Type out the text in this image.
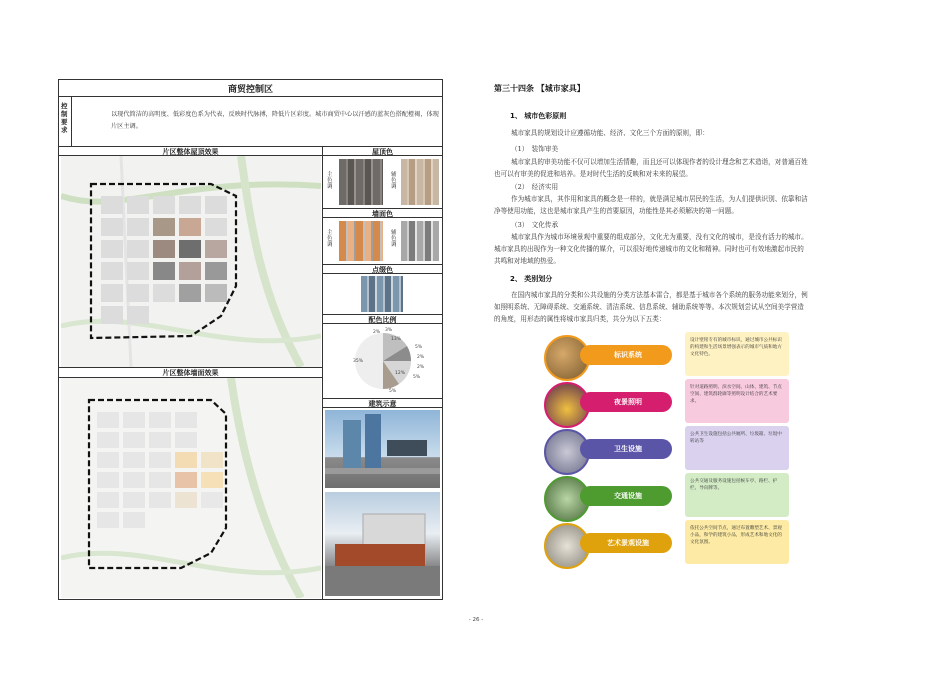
商贸控制区
控制要求
以现代简洁的高明度、低彩度色系为代表，反映时代脉搏，降低片区彩度。城市商贸中心以汗感的蓝灰色搭配橙褐，体现片区主调。
片区整体屋顶效果
片区整体墙面效果
屋顶色
主色调
辅色调
墙面色
主色调
辅色调
点缀色
配色比例
2% 3%
13%
5%
2%
2%
12%
5%
5%
35%
建筑示意
- 26 -
第三十四条 【城市家具】
1、 城市色彩原则
城市家具的规划设计应遵循功能、经济、文化三个方面的原则，即：
（1）　装饰审美
城市家具的审美功能不仅可以增加生活情趣，而且还可以体现作者的设计理念和艺术造诣，对普通百姓
也可以有审美的促进和培养。是对时代生活的反映和对未来的展望。
（2）　经济实用
作为城市家具，其作用和家具的概念是一样的，就是满足城市居民的生活，为人们提供识别、依靠和洁
净等使用功能，这也是城市家具产生的首要原因，功能性是其必须解决的第一问题。
（3）　文化传承
城市家具作为城市环境景观中重要的组成部分，文化尤为重要，没有文化的城市，是没有活力的城市。
城市家具的出现作为一种文化传播的媒介，可以很好地传递城市的文化和精神。同时也可有效地激起市民的
共鸣和对地域的热爱。
2、 类别划分
在国内城市家具的分类和公共设施的分类方法基本雷合，都是基于城市各个系统的服务功能来划分，例
如照明系统、无障碍系统、交通系统、清洁系统、信息系统、辅助系统等等。本次规划尝试从空间美学营造
的角度，用形态的属性将城市家具归类，共分为以下五类：
标识系统
设计壁铭专有的城市标识，通过城市公共标识的构建和生活场景增强表示的城市气质和地方文化特色。
夜景照明
针对道路照明、滨水空间、山体、建筑、节点空间、建筑群轮廓等照明设计结合的艺术要求。
卫生设施
公共卫生设施包括公共厕所、垃圾箱、垃圾中转站等
交通设施
公共交通及服务设施包括候车亭、路栏、护栏、导向牌等。
艺术景观设施
依托公共空间节点，通过布置雕塑艺术、景观小品，和学的建筑小品，形成艺术和地文化的文化氛围。
